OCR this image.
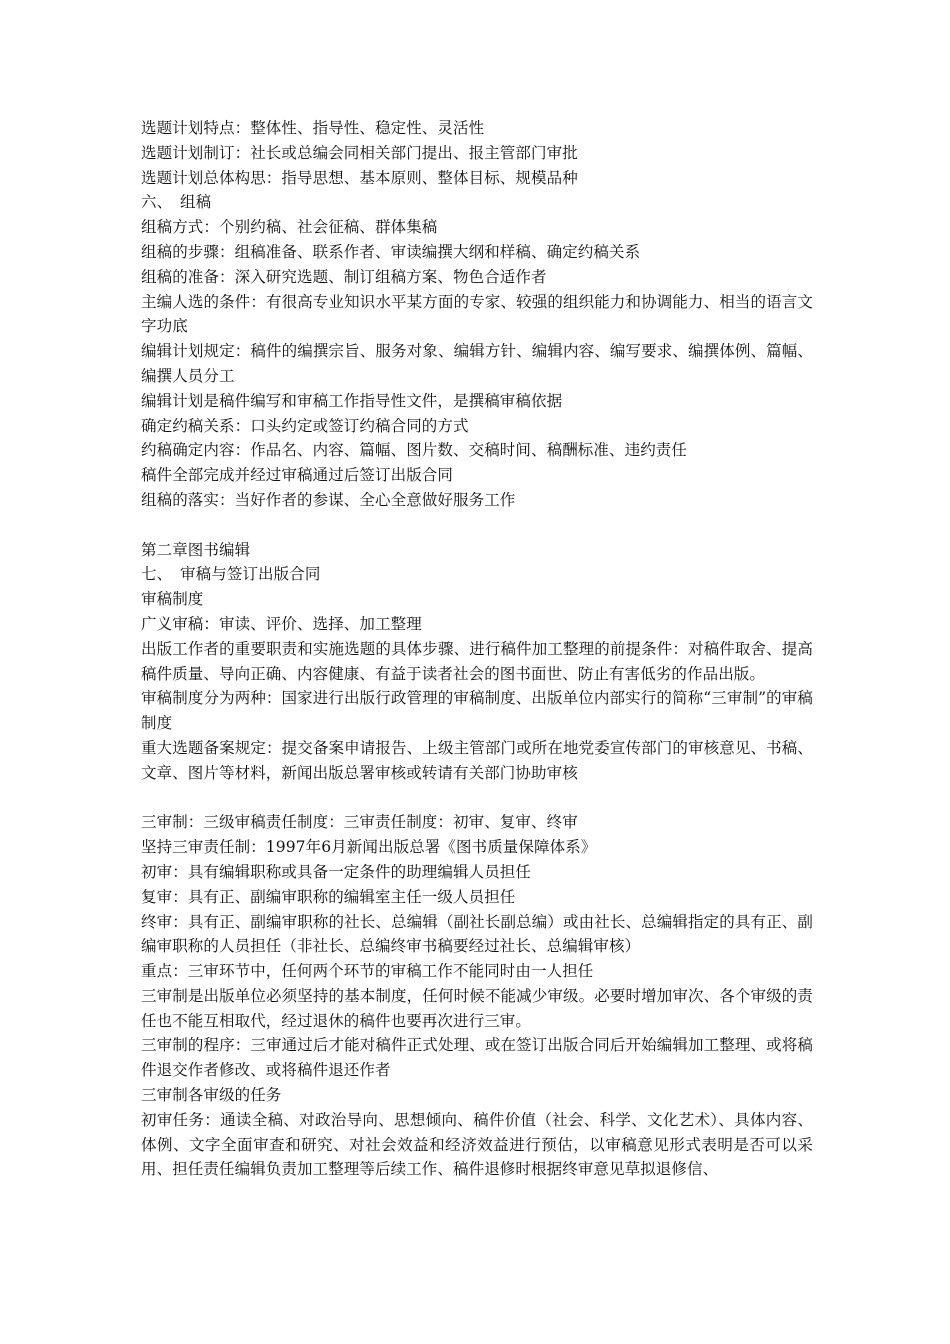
选题计划特点：整体性、指导性、稳定性、灵活性

选题计划制订：社长或总编会同相关部门提出、报主管部门审批

选题计划总体构思：指导思想、基本原则、整体目标、规模品种

六、　组稿

组稿方式：个别约稿、社会征稿、群体集稿

组稿的步骤：组稿准备、联系作者、审读编撰大纲和样稿、确定约稿关系

组稿的准备：深入研究选题、制订组稿方案、物色合适作者

主编人选的条件：有很高专业知识水平某方面的专家、较强的组织能力和协调能力、相当的语言文字功底

编辑计划规定：稿件的编撰宗旨、服务对象、编辑方针、编辑内容、编写要求、编撰体例、篇幅、编撰人员分工

编辑计划是稿件编写和审稿工作指导性文件，是撰稿审稿依据

确定约稿关系：口头约定或签订约稿合同的方式

约稿确定内容：作品名、内容、篇幅、图片数、交稿时间、稿酬标准、违约责任

稿件全部完成并经过审稿通过后签订出版合同

组稿的落实：当好作者的参谋、全心全意做好服务工作

第二章图书编辑

七、　审稿与签订出版合同

审稿制度

广义审稿：审读、评价、选择、加工整理

出版工作者的重要职责和实施选题的具体步骤、进行稿件加工整理的前提条件：对稿件取舍、提高稿件质量、导向正确、内容健康、有益于读者社会的图书面世、防止有害低劣的作品出版。

审稿制度分为两种：国家进行出版行政管理的审稿制度、出版单位内部实行的简称“三审制”的审稿制度

重大选题备案规定：提交备案申请报告、上级主管部门或所在地党委宣传部门的审核意见、书稿、文章、图片等材料，新闻出版总署审核或转请有关部门协助审核

三审制：三级审稿责任制度：三审责任制度：初审、复审、终审

坚持三审责任制：1997年6月新闻出版总署《图书质量保障体系》

初审：具有编辑职称或具备一定条件的助理编辑人员担任

复审：具有正、副编审职称的编辑室主任一级人员担任

终审：具有正、副编审职称的社长、总编辑（副社长副总编）或由社长、总编辑指定的具有正、副编审职称的人员担任（非社长、总编终审书稿要经过社长、总编辑审核）

重点：三审环节中，任何两个环节的审稿工作不能同时由一人担任

三审制是出版单位必须坚持的基本制度，任何时候不能减少审级。必要时增加审次、各个审级的责任也不能互相取代，经过退休的稿件也要再次进行三审。

三审制的程序：三审通过后才能对稿件正式处理、或在签订出版合同后开始编辑加工整理、或将稿件退交作者修改、或将稿件退还作者

三审制各审级的任务

初审任务：通读全稿、对政治导向、思想倾向、稿件价值（社会、科学、文化艺术）、具体内容、体例、文字全面审查和研究、对社会效益和经济效益进行预估，以审稿意见形式表明是否可以采用、担任责任编辑负责加工整理等后续工作、稿件退修时根据终审意见草拟退修信、
